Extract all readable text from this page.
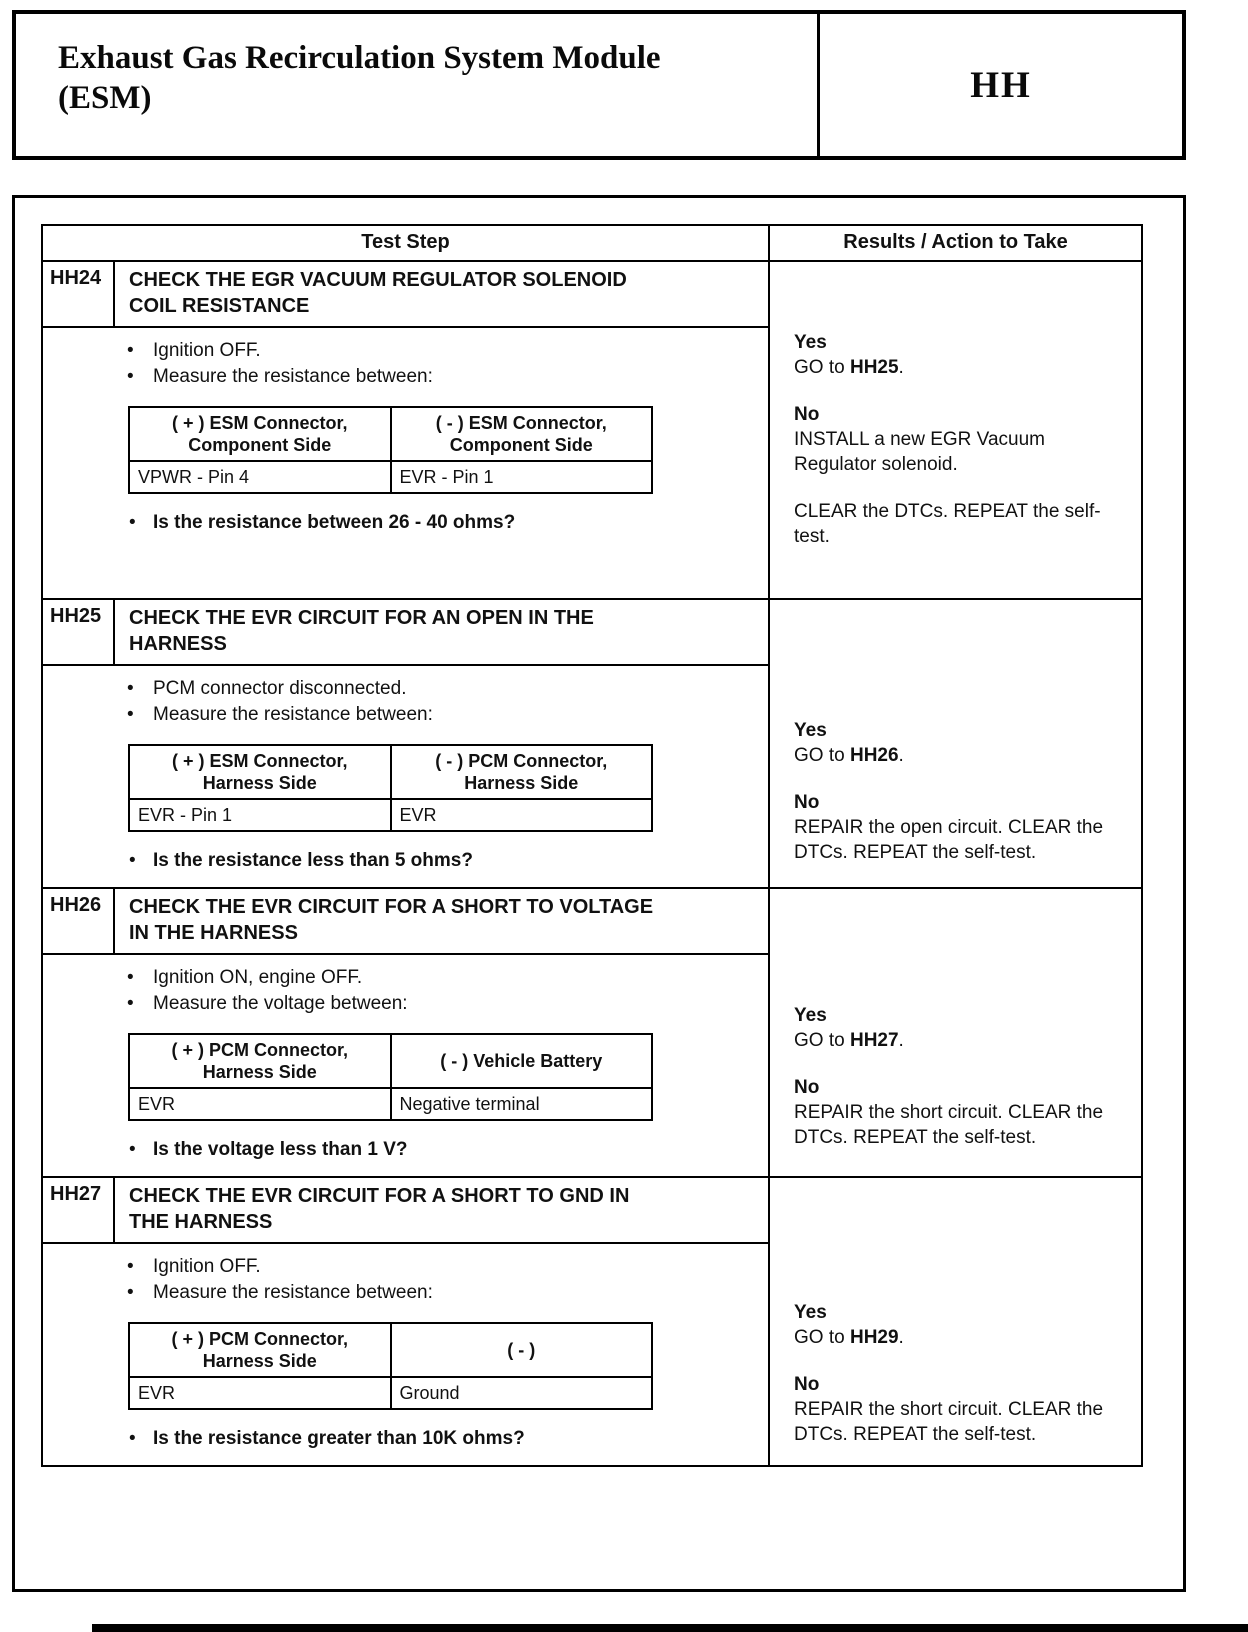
Exhaust Gas Recirculation System Module (ESM)	HH
Test Step	Results / Action to Take
HH24	CHECK THE EGR VACUUM REGULATOR SOLENOID COIL RESISTANCE
• Ignition OFF.
• Measure the resistance between:
( + ) ESM Connector, Component Side	( - ) ESM Connector, Component Side
VPWR - Pin 4	EVR - Pin 1
• Is the resistance between 26 - 40 ohms?
Yes
GO to HH25.
No
INSTALL a new EGR Vacuum Regulator solenoid.
CLEAR the DTCs. REPEAT the self-test.
HH25	CHECK THE EVR CIRCUIT FOR AN OPEN IN THE HARNESS
• PCM connector disconnected.
• Measure the resistance between:
( + ) ESM Connector, Harness Side	( - ) PCM Connector, Harness Side
EVR - Pin 1	EVR
• Is the resistance less than 5 ohms?
Yes
GO to HH26.
No
REPAIR the open circuit. CLEAR the DTCs. REPEAT the self-test.
HH26	CHECK THE EVR CIRCUIT FOR A SHORT TO VOLTAGE IN THE HARNESS
• Ignition ON, engine OFF.
• Measure the voltage between:
( + ) PCM Connector, Harness Side	( - ) Vehicle Battery
EVR	Negative terminal
• Is the voltage less than 1 V?
Yes
GO to HH27.
No
REPAIR the short circuit. CLEAR the DTCs. REPEAT the self-test.
HH27	CHECK THE EVR CIRCUIT FOR A SHORT TO GND IN THE HARNESS
• Ignition OFF.
• Measure the resistance between:
( + ) PCM Connector, Harness Side	( - )
EVR	Ground
• Is the resistance greater than 10K ohms?
Yes
GO to HH29.
No
REPAIR the short circuit. CLEAR the DTCs. REPEAT the self-test.
